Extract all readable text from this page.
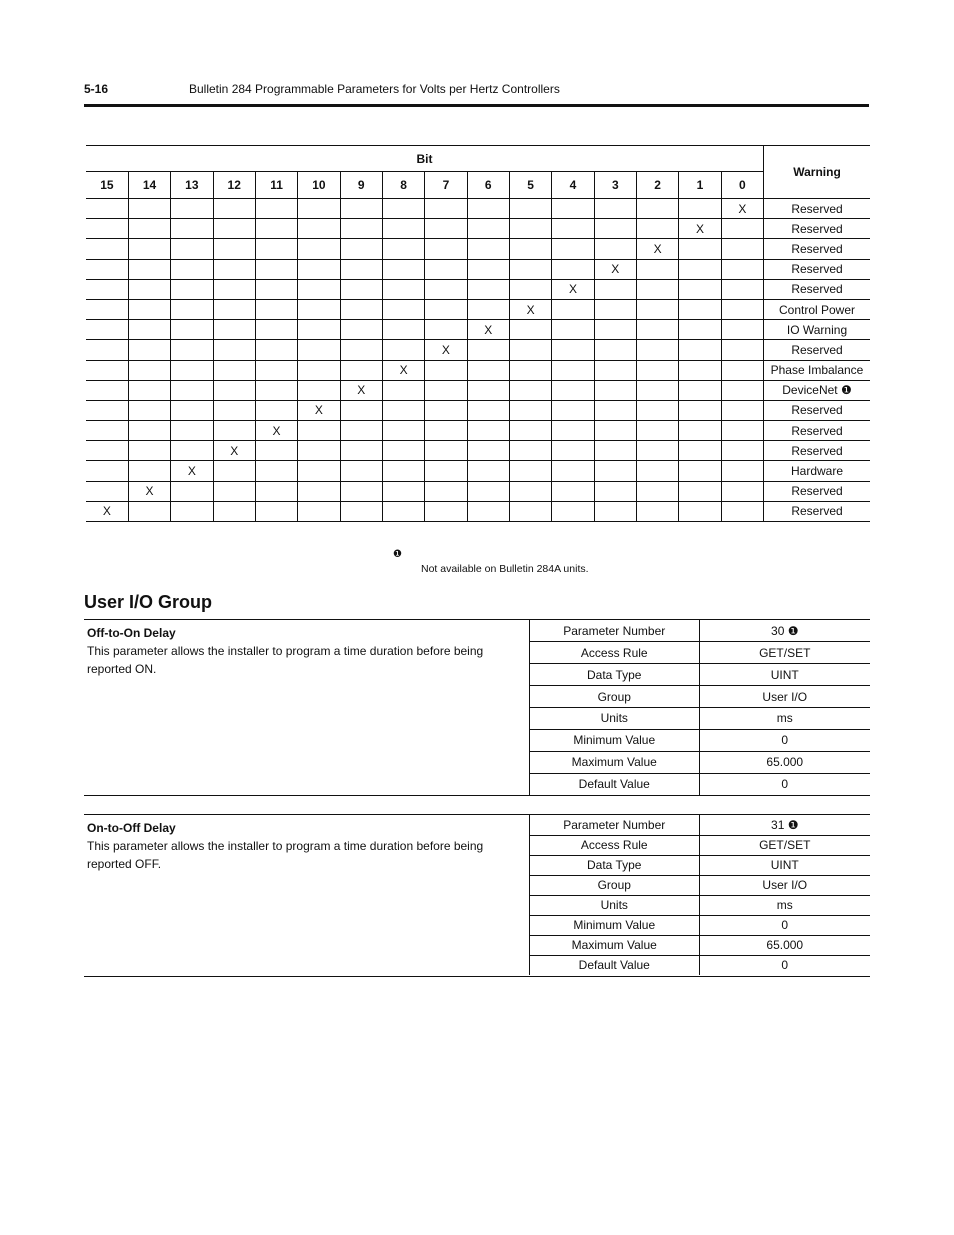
5-16	Bulletin 284 Programmable Parameters for Volts per Hertz Controllers
Bit																Warning
15	14	13	12	11	10	9	8	7	6	5	4	3	2	1	0	
															X	Reserved
														X		Reserved
													X			Reserved
												X				Reserved
											X					Reserved
										X						Control Power
									X							IO Warning
								X								Reserved
							X									Phase Imbalance
						X										DeviceNet ❶
					X											Reserved
				X												Reserved
			X													Reserved
		X														Hardware
	X															Reserved
X																Reserved
❶
Not available on Bulletin 284A units.
User I/O Group
Off-to-On Delay
This parameter allows the installer to program a time duration before being reported ON.
Parameter Number	30 ❶
Access Rule	GET/SET
Data Type	UINT
Group	User I/O
Units	ms
Minimum Value	0
Maximum Value	65.000
Default Value	0
On-to-Off Delay
This parameter allows the installer to program a time duration before being reported OFF.
Parameter Number	31 ❶
Access Rule	GET/SET
Data Type	UINT
Group	User I/O
Units	ms
Minimum Value	0
Maximum Value	65.000
Default Value	0
